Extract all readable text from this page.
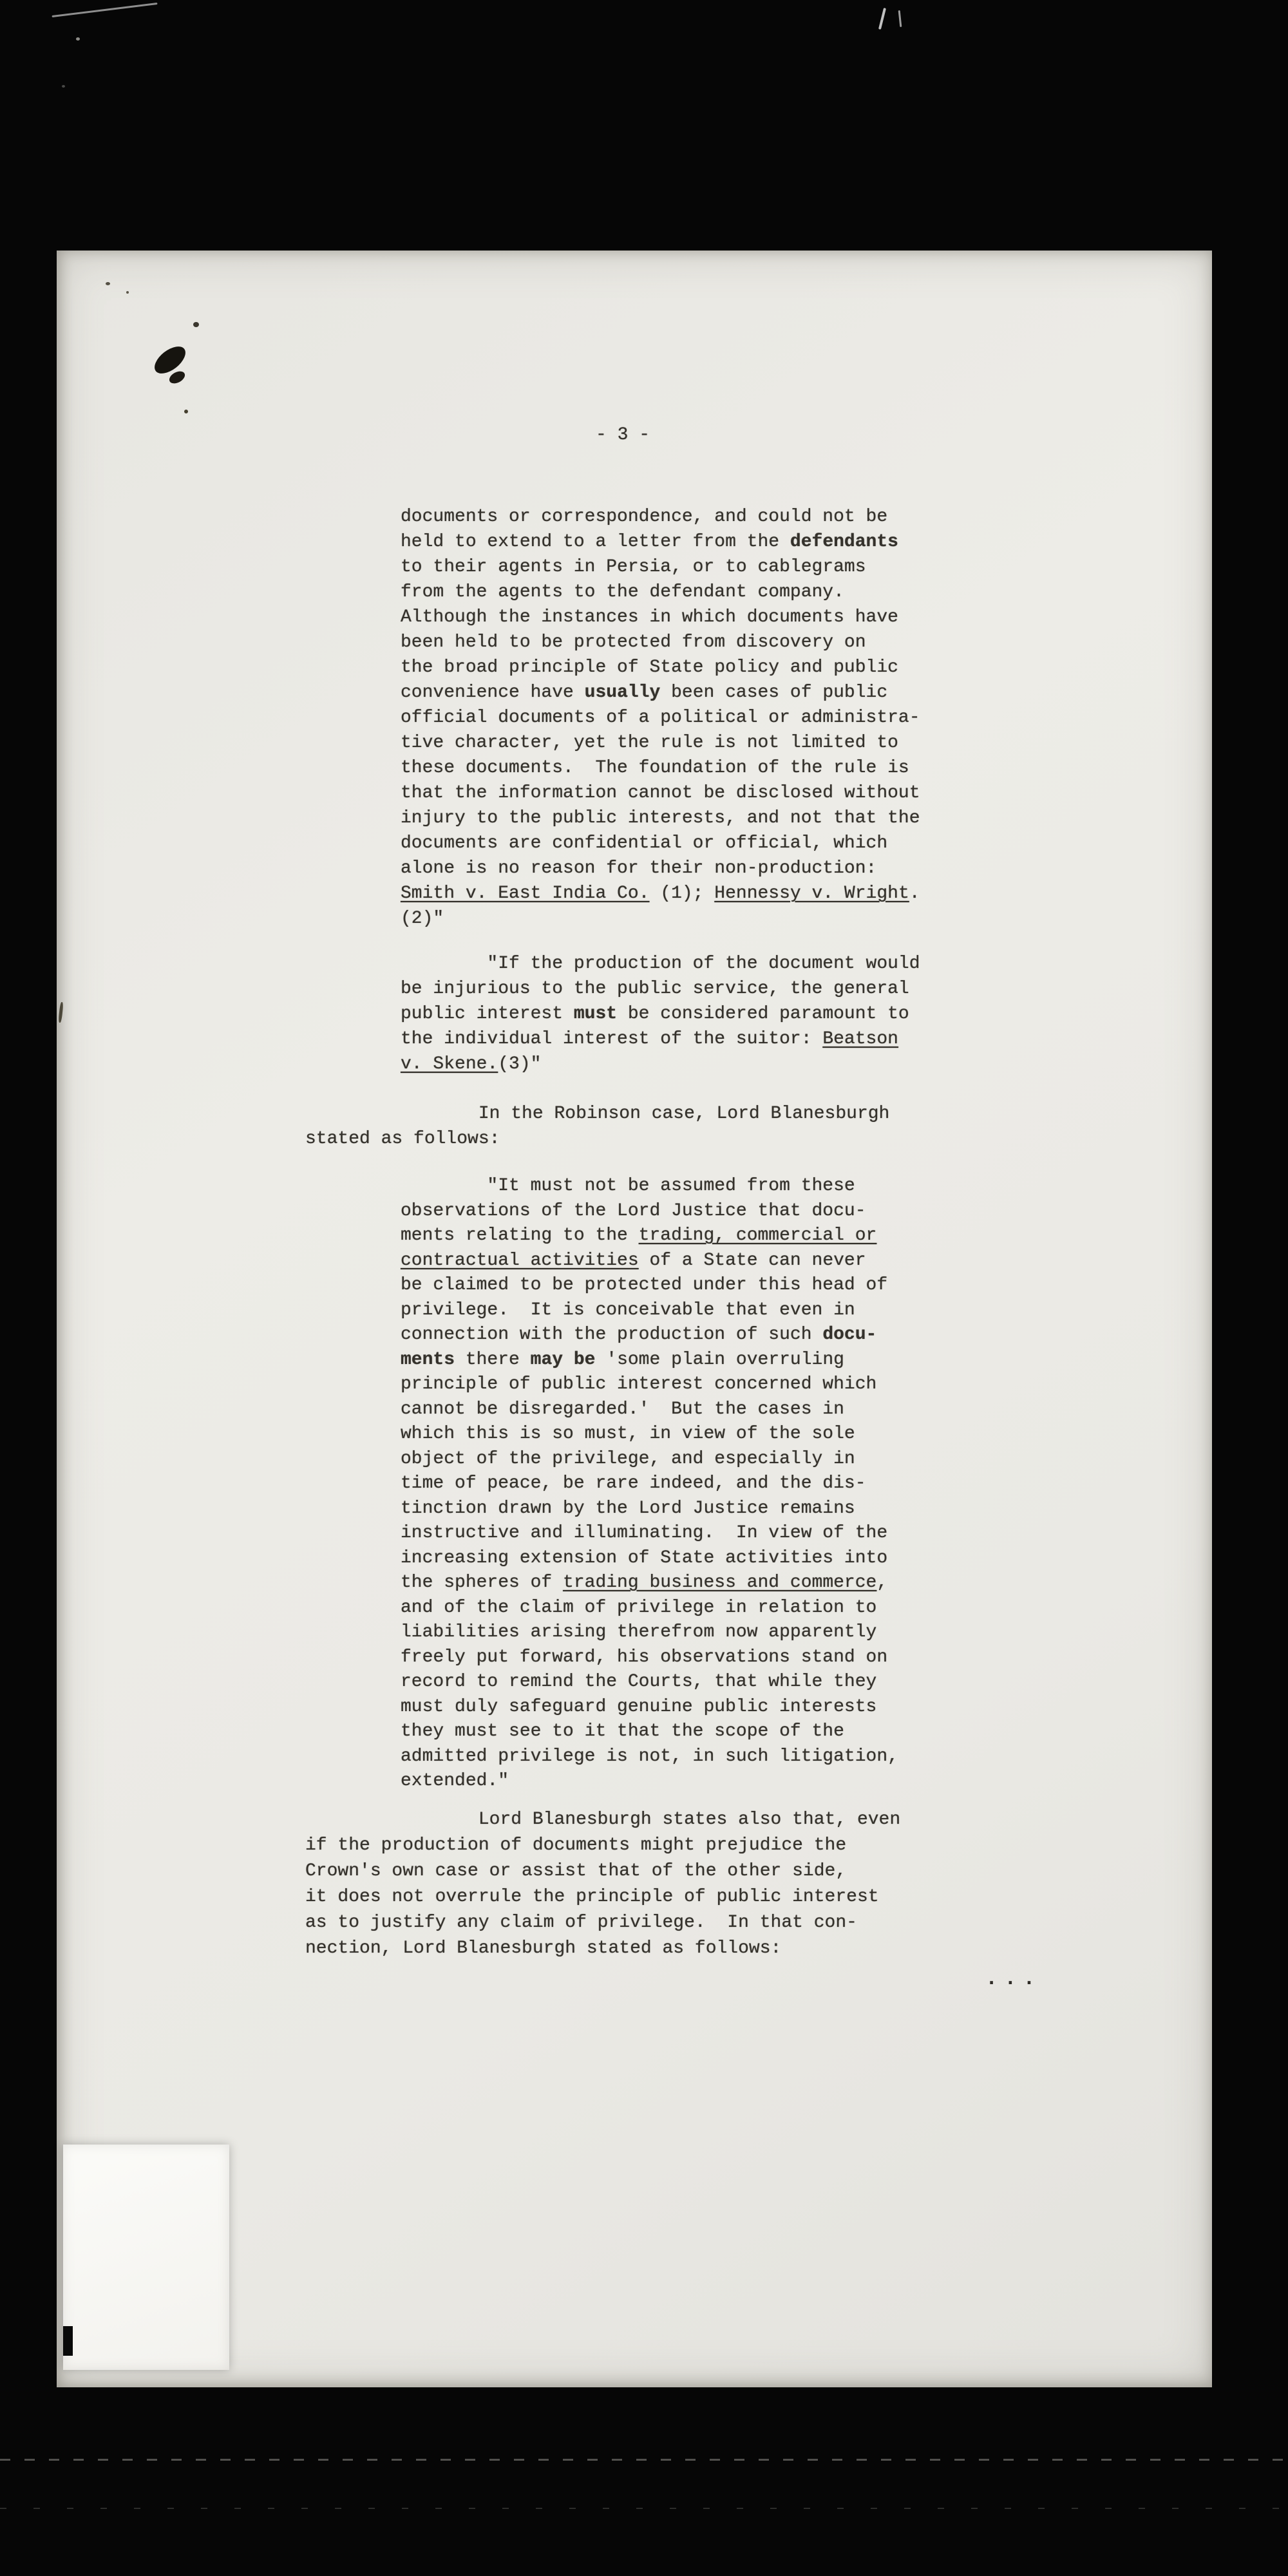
- 3 -
documents or correspondence, and could not be
held to extend to a letter from the defendants
to their agents in Persia, or to cablegrams
from the agents to the defendant company.
Although the instances in which documents have
been held to be protected from discovery on
the broad principle of State policy and public
convenience have usually been cases of public
official documents of a political or administra-
tive character, yet the rule is not limited to
these documents.  The foundation of the rule is
that the information cannot be disclosed without
injury to the public interests, and not that the
documents are confidential or official, which
alone is no reason for their non-production:
Smith v. East India Co. (1); Hennessy v. Wright.
(2)"
"If the production of the document would
be injurious to the public service, the general
public interest must be considered paramount to
the individual interest of the suitor: Beatson
v. Skene.(3)"
In the Robinson case, Lord Blanesburgh
stated as follows:
"It must not be assumed from these
observations of the Lord Justice that docu-
ments relating to the trading, commercial or
contractual activities of a State can never
be claimed to be protected under this head of
privilege.  It is conceivable that even in
connection with the production of such docu-
ments there may be 'some plain overruling
principle of public interest concerned which
cannot be disregarded.'  But the cases in
which this is so must, in view of the sole
object of the privilege, and especially in
time of peace, be rare indeed, and the dis-
tinction drawn by the Lord Justice remains
instructive and illuminating.  In view of the
increasing extension of State activities into
the spheres of trading business and commerce,
and of the claim of privilege in relation to
liabilities arising therefrom now apparently
freely put forward, his observations stand on
record to remind the Courts, that while they
must duly safeguard genuine public interests
they must see to it that the scope of the
admitted privilege is not, in such litigation,
extended."
Lord Blanesburgh states also that, even
if the production of documents might prejudice the
Crown's own case or assist that of the other side,
it does not overrule the principle of public interest
as to justify any claim of privilege.  In that con-
nection, Lord Blanesburgh stated as follows:
...
